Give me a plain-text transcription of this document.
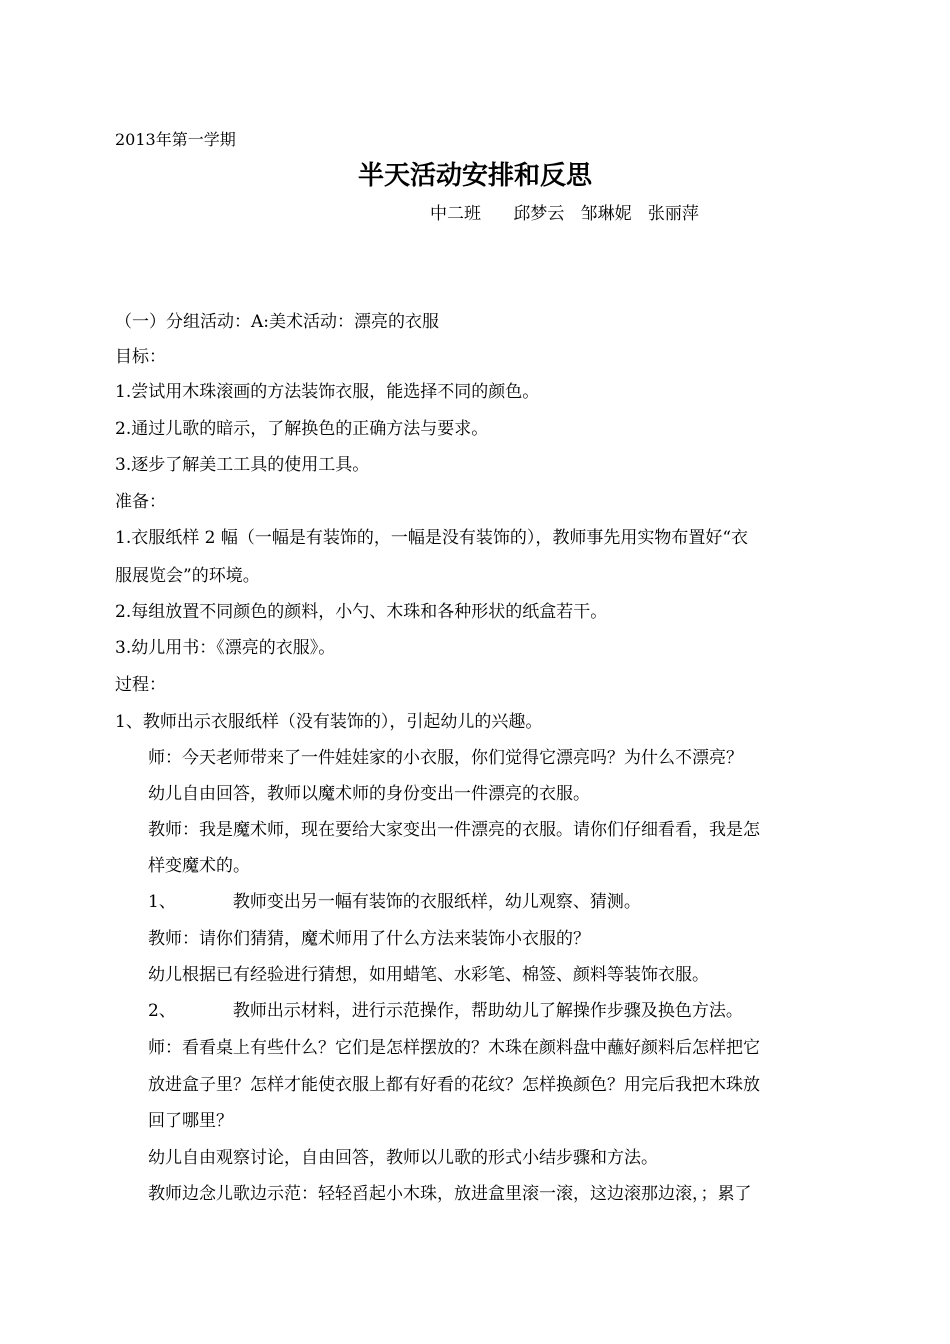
2013年第一学期
半天活动安排和反思
中二班      邱梦云   邹琳妮   张丽萍
（一）分组活动：A:美术活动：漂亮的衣服
目标：
1.尝试用木珠滚画的方法装饰衣服，能选择不同的颜色。
2.通过儿歌的暗示，了解换色的正确方法与要求。
3.逐步了解美工工具的使用工具。
准备：
1.衣服纸样 2 幅（一幅是有装饰的，一幅是没有装饰的），教师事先用实物布置好“衣
服展览会”的环境。
2.每组放置不同颜色的颜料，小勺、木珠和各种形状的纸盒若干。
3.幼儿用书：《漂亮的衣服》。
过程：
1、教师出示衣服纸样（没有装饰的），引起幼儿的兴趣。
师：今天老师带来了一件娃娃家的小衣服，你们觉得它漂亮吗？为什么不漂亮？
幼儿自由回答，教师以魔术师的身份变出一件漂亮的衣服。
教师：我是魔术师，现在要给大家变出一件漂亮的衣服。请你们仔细看看，我是怎
样变魔术的。
1、	教师变出另一幅有装饰的衣服纸样，幼儿观察、猜测。
教师：请你们猜猜，魔术师用了什么方法来装饰小衣服的？
幼儿根据已有经验进行猜想，如用蜡笔、水彩笔、棉签、颜料等装饰衣服。
2、	教师出示材料，进行示范操作，帮助幼儿了解操作步骤及换色方法。
师：看看桌上有些什么？它们是怎样摆放的？木珠在颜料盘中蘸好颜料后怎样把它
放进盒子里？怎样才能使衣服上都有好看的花纹？怎样换颜色？用完后我把木珠放
回了哪里？
幼儿自由观察讨论，自由回答，教师以儿歌的形式小结步骤和方法。
教师边念儿歌边示范：轻轻舀起小木珠，放进盒里滚一滚，这边滚那边滚，；累了
